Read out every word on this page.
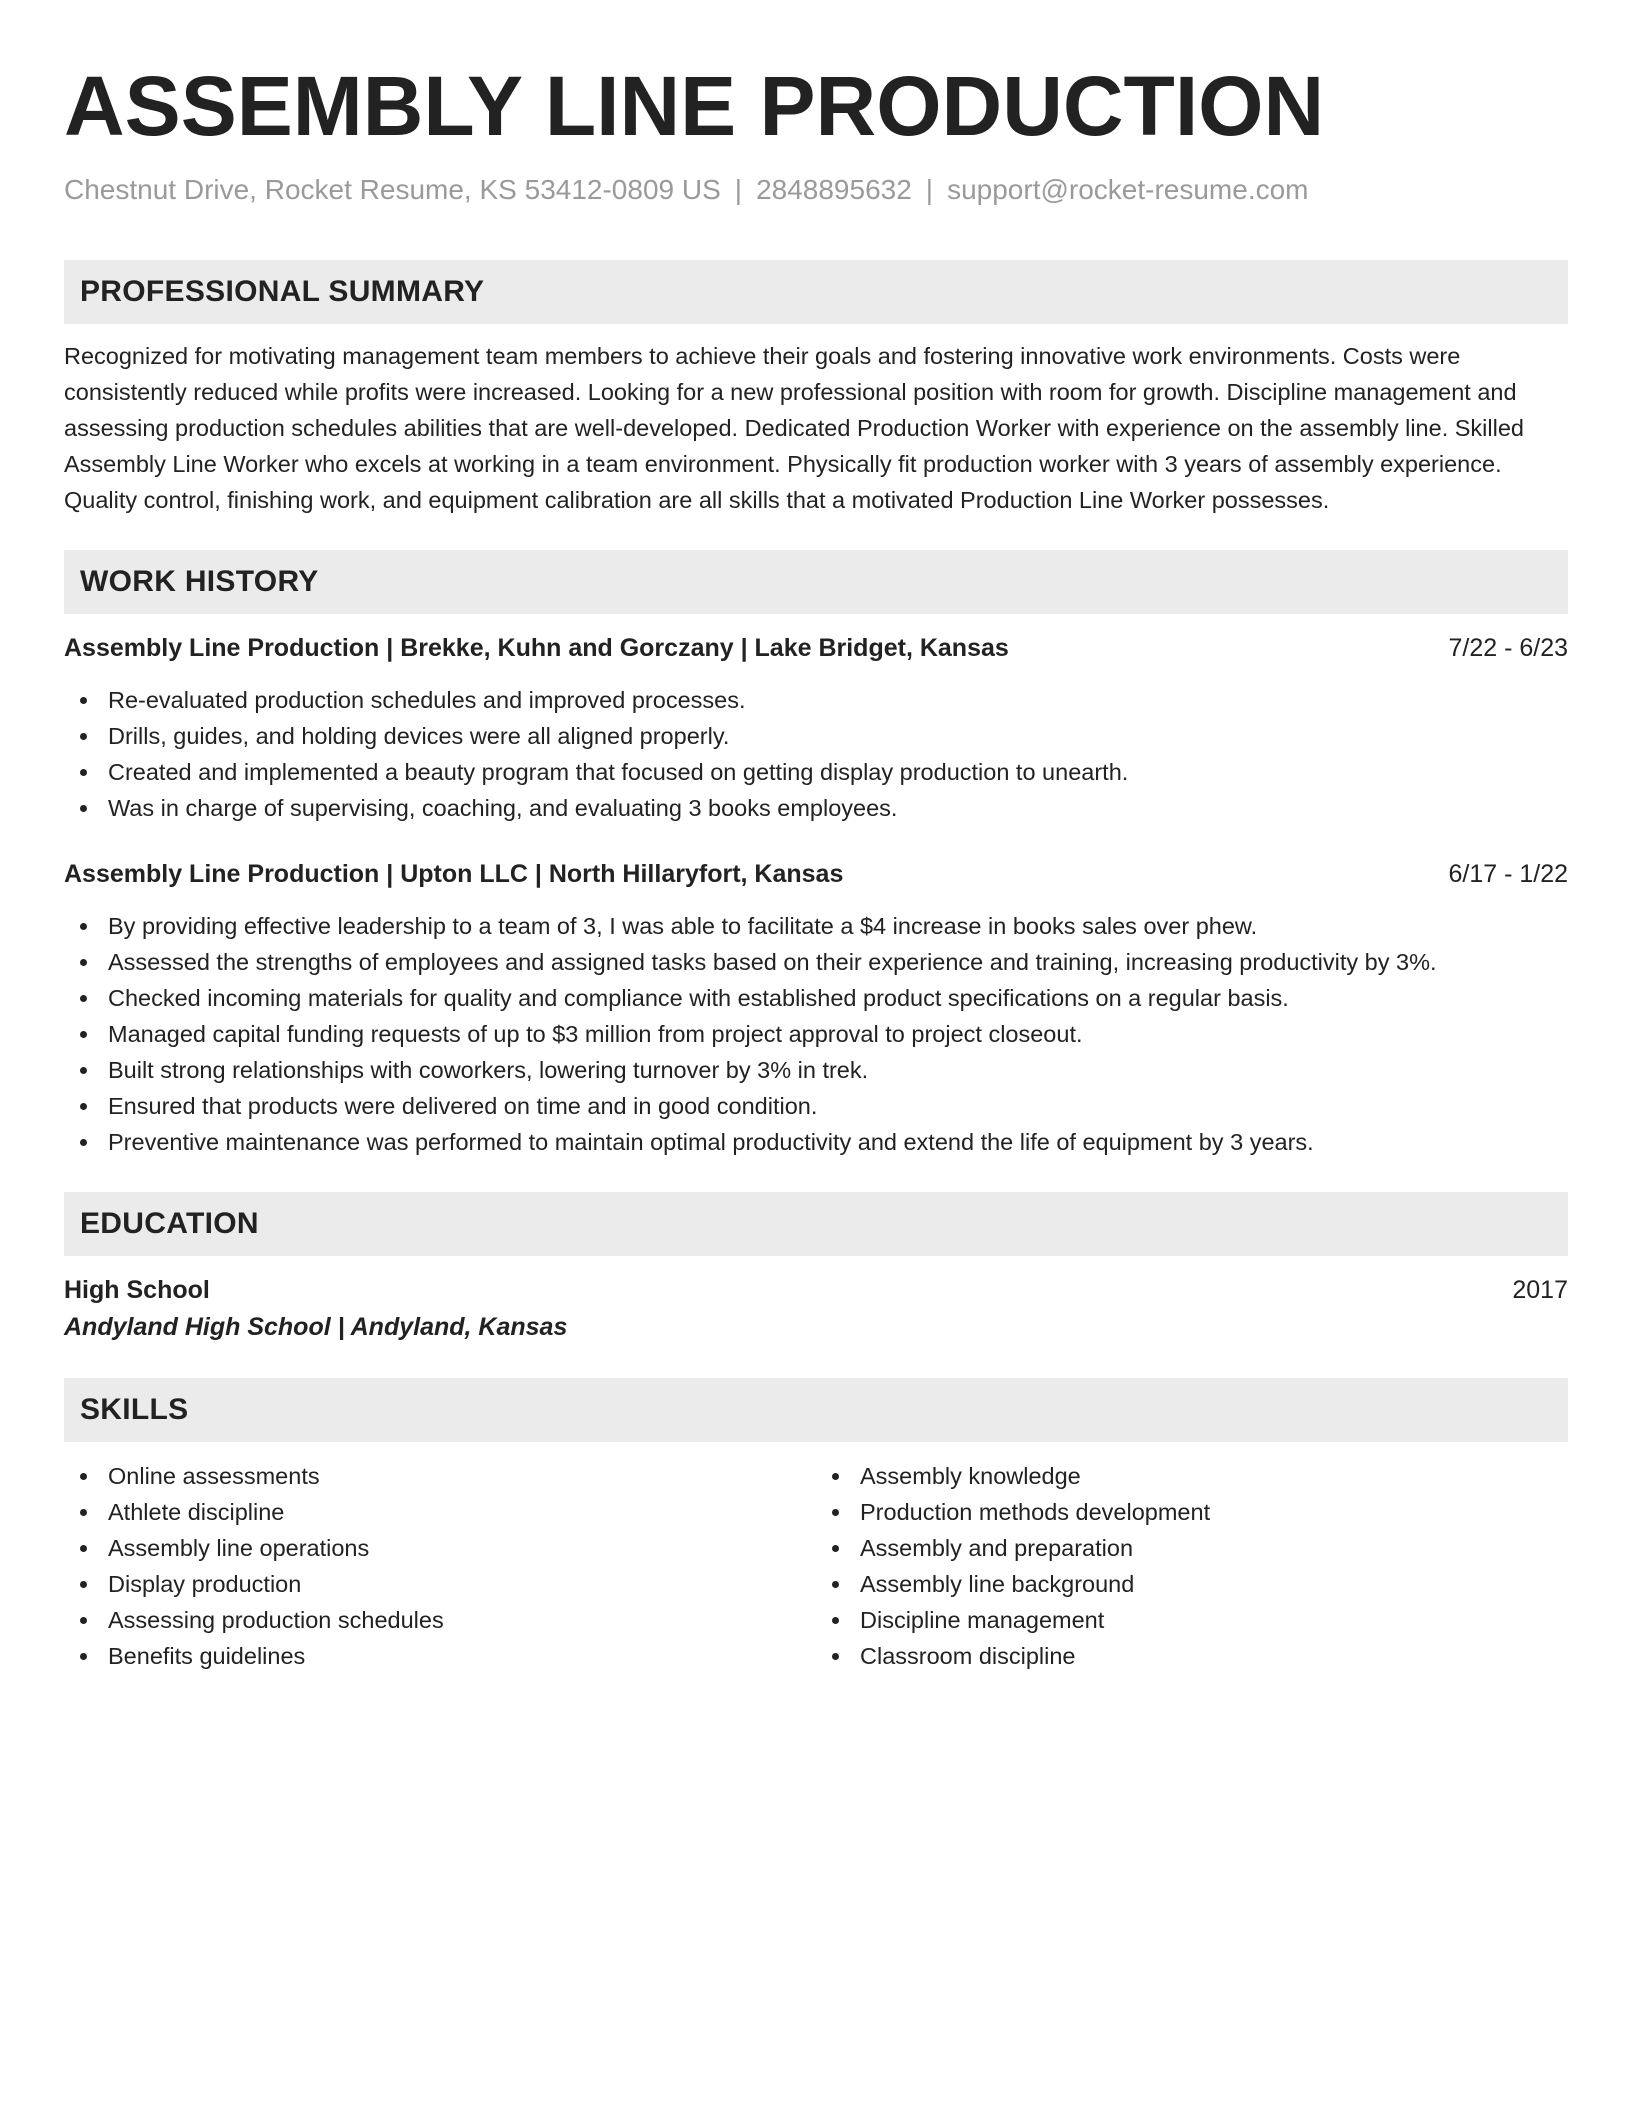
ASSEMBLY LINE PRODUCTION
Chestnut Drive, Rocket Resume, KS 53412-0809 US | 2848895632 | support@rocket-resume.com
PROFESSIONAL SUMMARY
Recognized for motivating management team members to achieve their goals and fostering innovative work environments. Costs were consistently reduced while profits were increased. Looking for a new professional position with room for growth. Discipline management and assessing production schedules abilities that are well-developed. Dedicated Production Worker with experience on the assembly line. Skilled Assembly Line Worker who excels at working in a team environment. Physically fit production worker with 3 years of assembly experience. Quality control, finishing work, and equipment calibration are all skills that a motivated Production Line Worker possesses.
WORK HISTORY
Assembly Line Production | Brekke, Kuhn and Gorczany | Lake Bridget, Kansas	7/22 - 6/23
Re-evaluated production schedules and improved processes.
Drills, guides, and holding devices were all aligned properly.
Created and implemented a beauty program that focused on getting display production to unearth.
Was in charge of supervising, coaching, and evaluating 3 books employees.
Assembly Line Production | Upton LLC | North Hillaryfort, Kansas	6/17 - 1/22
By providing effective leadership to a team of 3, I was able to facilitate a $4 increase in books sales over phew.
Assessed the strengths of employees and assigned tasks based on their experience and training, increasing productivity by 3%.
Checked incoming materials for quality and compliance with established product specifications on a regular basis.
Managed capital funding requests of up to $3 million from project approval to project closeout.
Built strong relationships with coworkers, lowering turnover by 3% in trek.
Ensured that products were delivered on time and in good condition.
Preventive maintenance was performed to maintain optimal productivity and extend the life of equipment by 3 years.
EDUCATION
High School	2017
Andyland High School | Andyland, Kansas
SKILLS
Online assessments
Athlete discipline
Assembly line operations
Display production
Assessing production schedules
Benefits guidelines
Assembly knowledge
Production methods development
Assembly and preparation
Assembly line background
Discipline management
Classroom discipline
